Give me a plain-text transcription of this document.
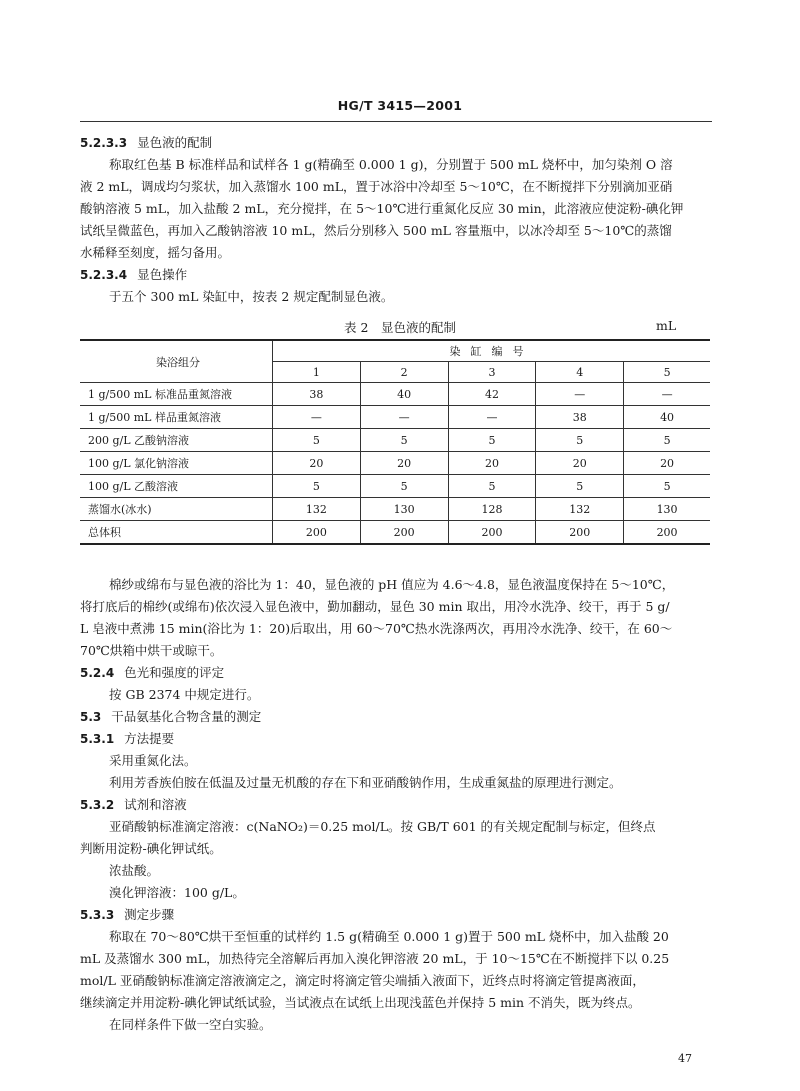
HG/T 3415—2001
5.2.3.3 显色液的配制
称取红色基 B 标准样品和试样各 1 g(精确至 0.000 1 g)，分别置于 500 mL 烧杯中，加匀染剂 O 溶
液 2 mL，调成均匀浆状，加入蒸馏水 100 mL，置于冰浴中冷却至 5～10℃，在不断搅拌下分别滴加亚硝
酸钠溶液 5 mL，加入盐酸 2 mL，充分搅拌，在 5～10℃进行重氮化反应 30 min，此溶液应使淀粉-碘化钾
试纸呈微蓝色，再加入乙酸钠溶液 10 mL，然后分别移入 500 mL 容量瓶中，以冰冷却至 5～10℃的蒸馏
水稀释至刻度，摇匀备用。
5.2.3.4 显色操作
于五个 300 mL 染缸中，按表 2 规定配制显色液。
表 2　显色液的配制	mL
染浴组分	染缸编号				
	1	2	3	4	5
1 g/500 mL 标准品重氮溶液	38	40	42	—	—
1 g/500 mL 样品重氮溶液	—	—	—	38	40
200 g/L 乙酸钠溶液	5	5	5	5	5
100 g/L 氯化钠溶液	20	20	20	20	20
100 g/L 乙酸溶液	5	5	5	5	5
蒸馏水(冰水)	132	130	128	132	130
总体积	200	200	200	200	200
棉纱或绵布与显色液的浴比为 1：40，显色液的 pH 值应为 4.6～4.8，显色液温度保持在 5～10℃，
将打底后的棉纱(或绵布)依次浸入显色液中，勤加翻动，显色 30 min 取出，用冷水洗净、绞干，再于 5 g/
L 皂液中煮沸 15 min(浴比为 1：20)后取出，用 60～70℃热水洗涤两次，再用冷水洗净、绞干，在 60～
70℃烘箱中烘干或晾干。
5.2.4 色光和强度的评定
按 GB 2374 中规定进行。
5.3 干品氨基化合物含量的测定
5.3.1 方法提要
采用重氮化法。
利用芳香族伯胺在低温及过量无机酸的存在下和亚硝酸钠作用，生成重氮盐的原理进行测定。
5.3.2 试剂和溶液
亚硝酸钠标准滴定溶液：c(NaNO₂)＝0.25 mol/L。按 GB/T 601 的有关规定配制与标定，但终点
判断用淀粉-碘化钾试纸。
浓盐酸。
溴化钾溶液：100 g/L。
5.3.3 测定步骤
称取在 70～80℃烘干至恒重的试样约 1.5 g(精确至 0.000 1 g)置于 500 mL 烧杯中，加入盐酸 20
mL 及蒸馏水 300 mL，加热待完全溶解后再加入溴化钾溶液 20 mL，于 10～15℃在不断搅拌下以 0.25
mol/L 亚硝酸钠标准滴定溶液滴定之，滴定时将滴定管尖端插入液面下，近终点时将滴定管提离液面，
继续滴定并用淀粉-碘化钾试纸试验，当试液点在试纸上出现浅蓝色并保持 5 min 不消失，既为终点。
在同样条件下做一空白实验。
47
